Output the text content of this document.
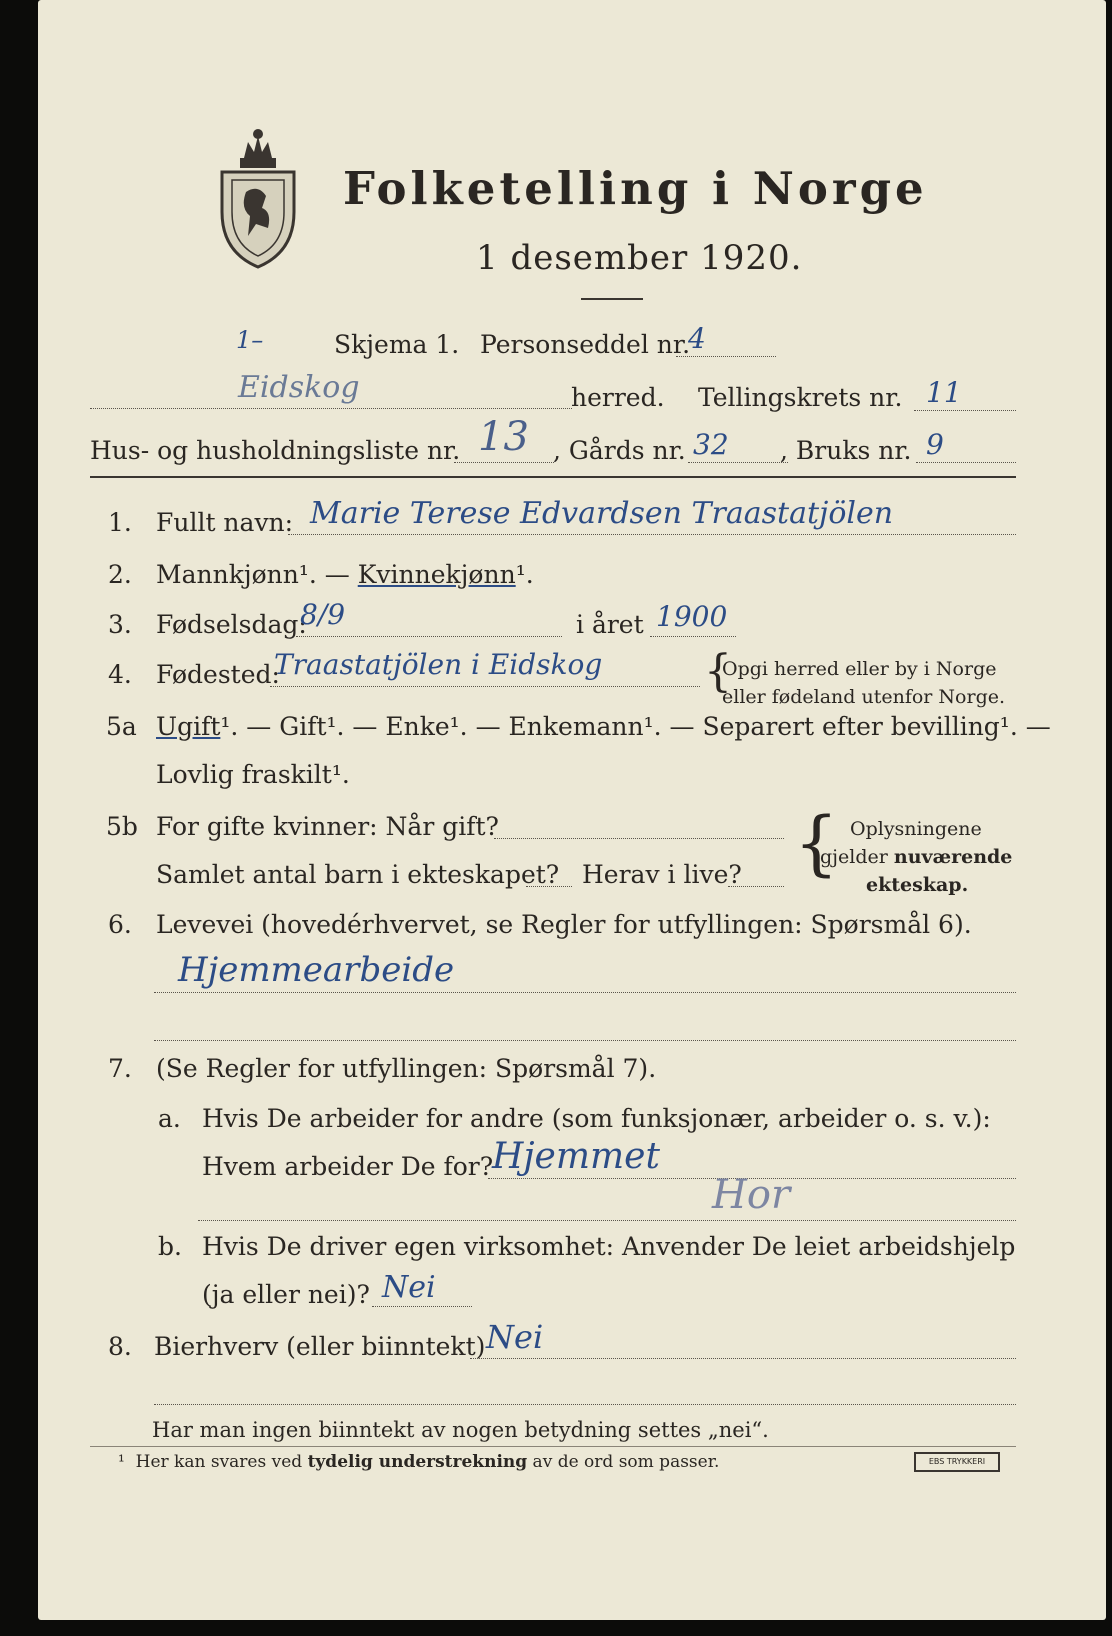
Folketelling i Norge
1 desember 1920.
1–	Skjema 1. Personseddel nr.
4
Eidskog	herred. Tellingskrets nr. 11
Hus- og husholdningsliste nr. 13 , Gårds nr. 32 , Bruks nr. 9
1. Fullt navn: Marie Terese Edvardsen Traastatjölen
2. Mannkjønn¹. — Kvinnekjønn¹.
3. Fødselsdag:
8/9	i året 1900
4. Fødested:
Traastatjölen i Eidskog {
Opgi herred eller by i Norge
eller fødeland utenfor Norge.
5a Ugift¹. — Gift¹. — Enke¹. — Enkemann¹. — Separert efter bevilling¹. —
Lovlig fraskilt¹.
5b For gifte kvinner: Når gift?
Samlet antal barn i ekteskapet? Herav i live? { Oplysningene
gjelder nuværende
ekteskap.
6. Levevei (hovedérhvervet, se Regler for utfyllingen: Spørsmål 6).
Hjemmearbeide
7. (Se Regler for utfyllingen: Spørsmål 7).
a. Hvis De arbeider for andre (som funksjonær, arbeider o. s. v.):
Hvem arbeider De for?
Hjemmet
Hor
b. Hvis De driver egen virksomhet: Anvender De leiet arbeidshjelp
(ja eller nei)? Nei
8. Bierhverv (eller biinntekt) Nei
Har man ingen biinntekt av nogen betydning settes „nei“.
¹ Her kan svares ved tydelig understrekning av de ord som passer.	EBS TRYKKERI
